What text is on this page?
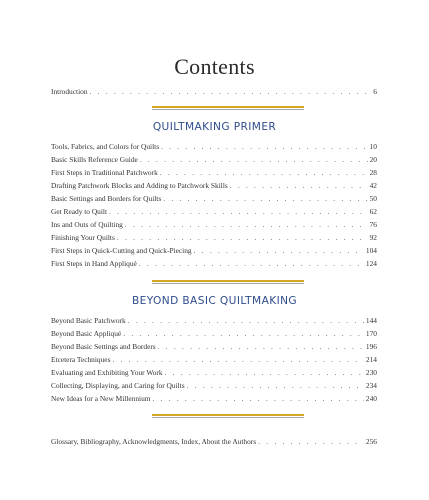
Contents
Introduction . . .	6
QUILTMAKING PRIMER
Tools, Fabrics, and Colors for Quilts . . .	10
Basic Skills Reference Guide . . .	20
First Steps in Traditional Patchwork . . .	28
Drafting Patchwork Blocks and Adding to Patchwork Skills . . .	42
Basic Settings and Borders for Quilts . . .	50
Get Ready to Quilt . . .	62
Ins and Outs of Quilting . . .	76
Finishing Your Quilts . . .	92
First Steps in Quick-Cutting and Quick-Piecing . . .	104
First Steps in Hand Appliqué . . .	124
BEYOND BASIC QUILTMAKING
Beyond Basic Patchwork . . .	144
Beyond Basic Appliqué . . .	170
Beyond Basic Settings and Borders . . .	196
Etcetera Techniques . . .	214
Evaluating and Exhibiting Your Work . . .	230
Collecting, Displaying, and Caring for Quilts . . .	234
New Ideas for a New Millennium . . .	240
Glossary, Bibliography, Acknowledgments, Index, About the Authors . . .	256
